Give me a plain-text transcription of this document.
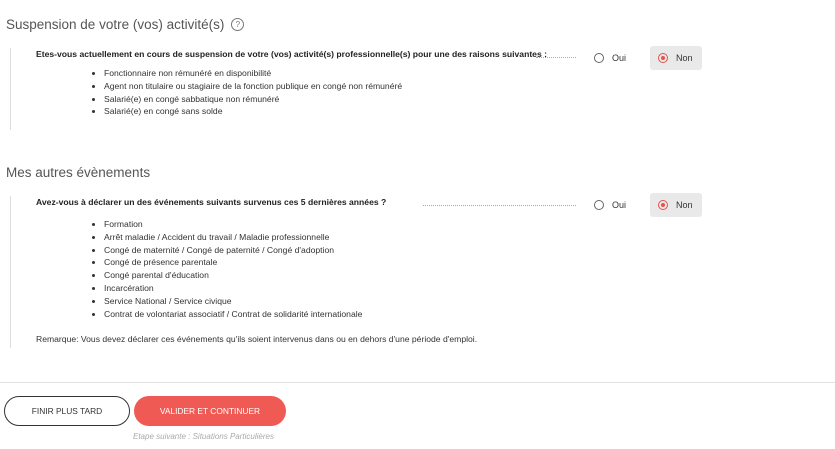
Suspension de votre (vos) activité(s)	?
Etes-vous actuellement en cours de suspension de votre (vos) activité(s) professionnelle(s) pour une des raisons suivantes :
• Fonctionnaire non rémunéré en disponibilité
• Agent non titulaire ou stagiaire de la fonction publique en congé non rémunéré
• Salarié(e) en congé sabbatique non rémunéré
• Salarié(e) en congé sans solde
Oui	Non
Mes autres évènements
Avez-vous à déclarer un des événements suivants survenus ces 5 dernières années ?
• Formation
• Arrêt maladie / Accident du travail / Maladie professionnelle
• Congé de maternité / Congé de paternité / Congé d'adoption
• Congé de présence parentale
• Congé parental d'éducation
• Incarcération
• Service National / Service civique
• Contrat de volontariat associatif / Contrat de solidarité internationale
Remarque: Vous devez déclarer ces événements qu'ils soient intervenus dans ou en dehors d'une période d'emploi.
Oui	Non
FINIR PLUS TARD	VALIDER ET CONTINUER
Etape suivante : Situations Particulières
